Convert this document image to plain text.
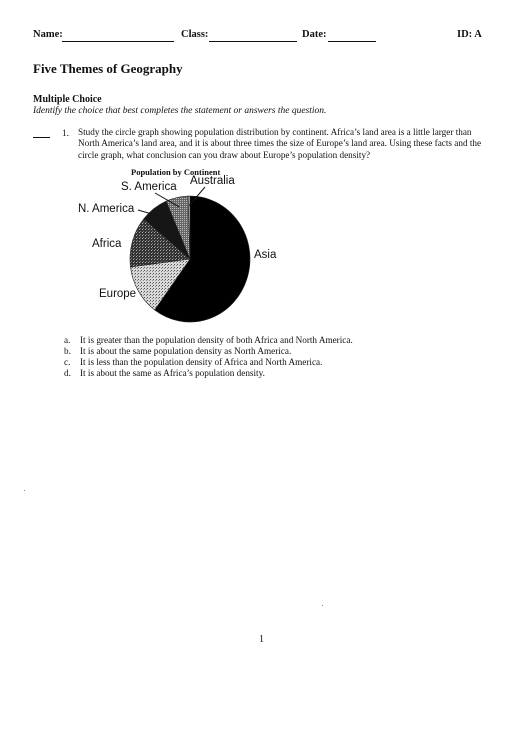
Name:	Class:	Date:	ID: A
Five Themes of Geography
Multiple Choice
Identify the choice that best completes the statement or answers the question.
1. Study the circle graph showing population distribution by continent. Africa’s land area is a little larger than North America’s land area, and it is about three times the size of Europe’s land area. Using these facts and the circle graph, what conclusion can you draw about Europe’s population density?
Population by Continent
Australia
S. America
N. America
Africa
Asia
Europe
a. It is greater than the population density of both Africa and North America.
b. It is about the same population density as North America.
c. It is less than the population density of Africa and North America.
d. It is about the same as Africa’s population density.
1
